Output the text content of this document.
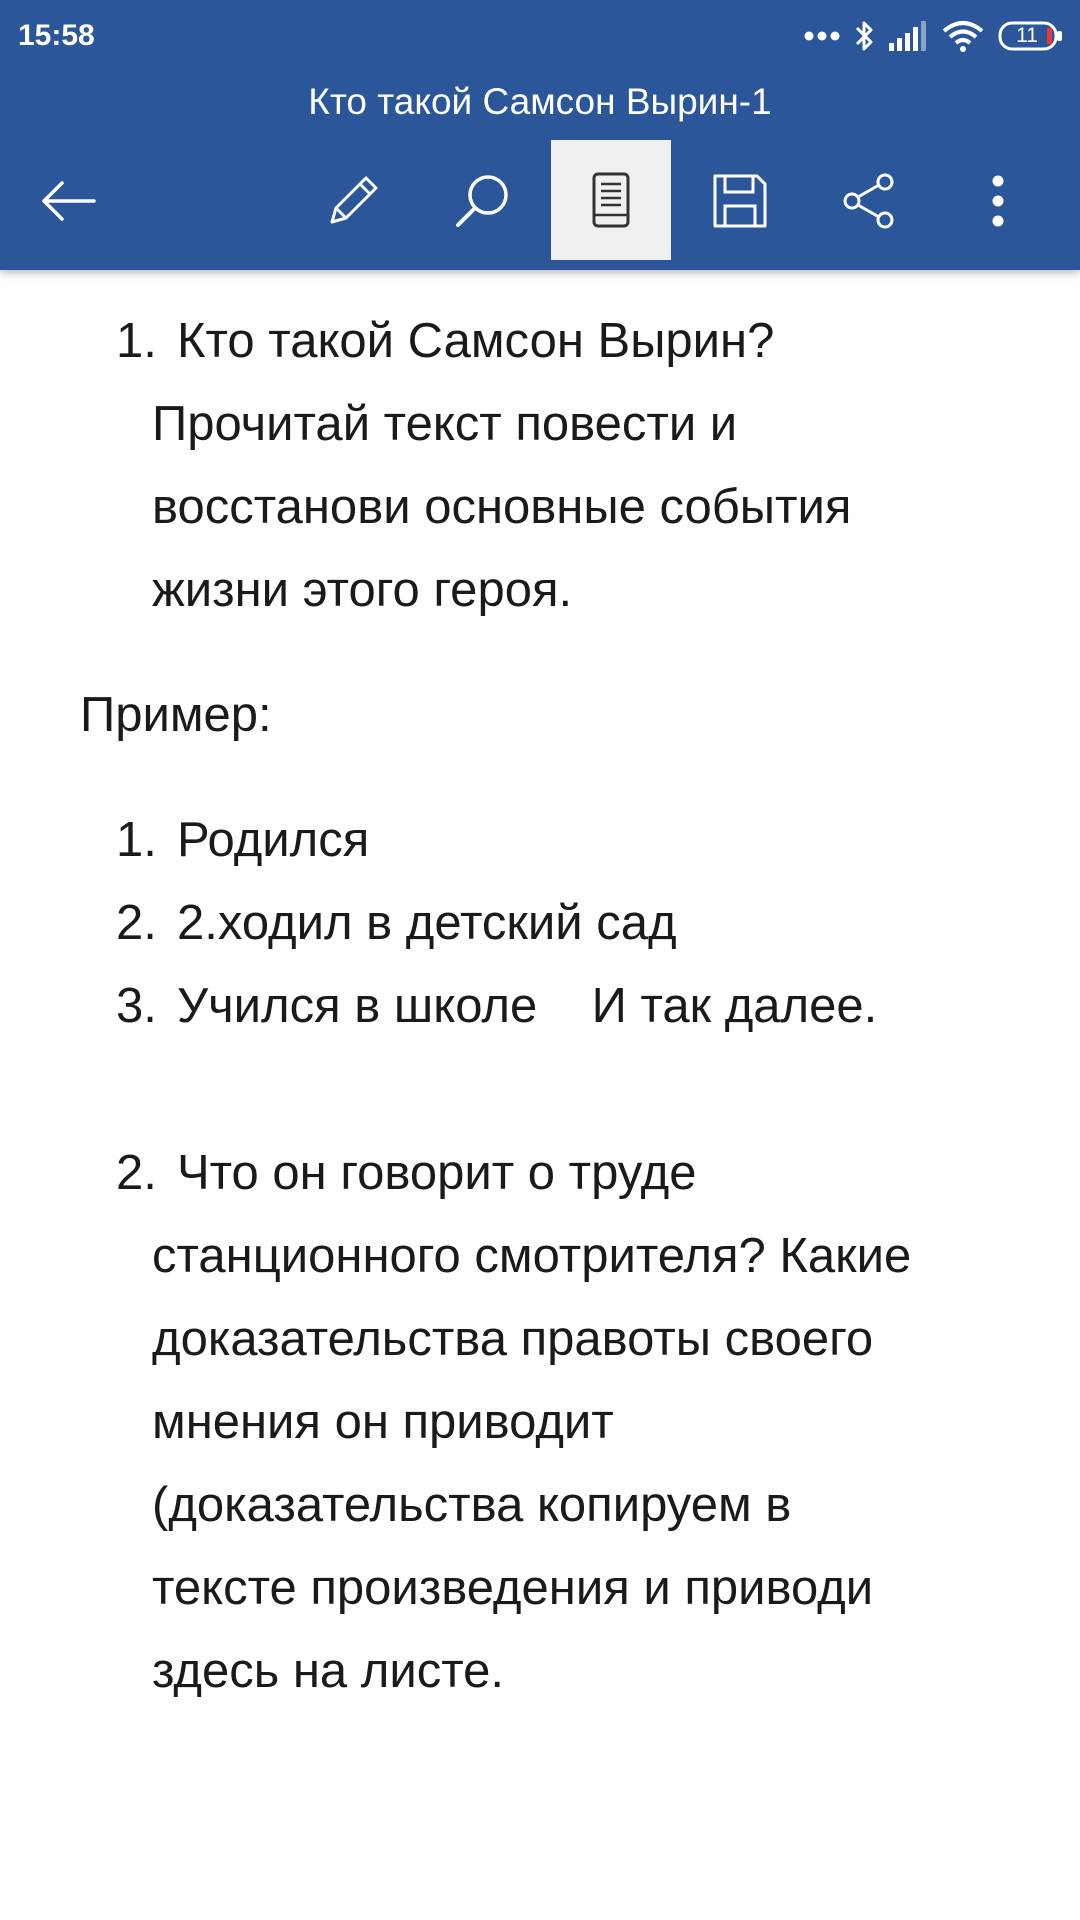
15:58	11
Кто такой Самсон Вырин-1
1. Кто такой Самсон Вырин?
Прочитай текст повести и
восстанови основные события
жизни этого героя.
Пример:
1. Родился
2. 2.ходил в детский сад
3. Учился в школе    И так далее.
2. Что он говорит о труде
станционного смотрителя? Какие
доказательства правоты своего
мнения он приводит
(доказательства копируем в
тексте произведения и приводи
здесь на листе.
